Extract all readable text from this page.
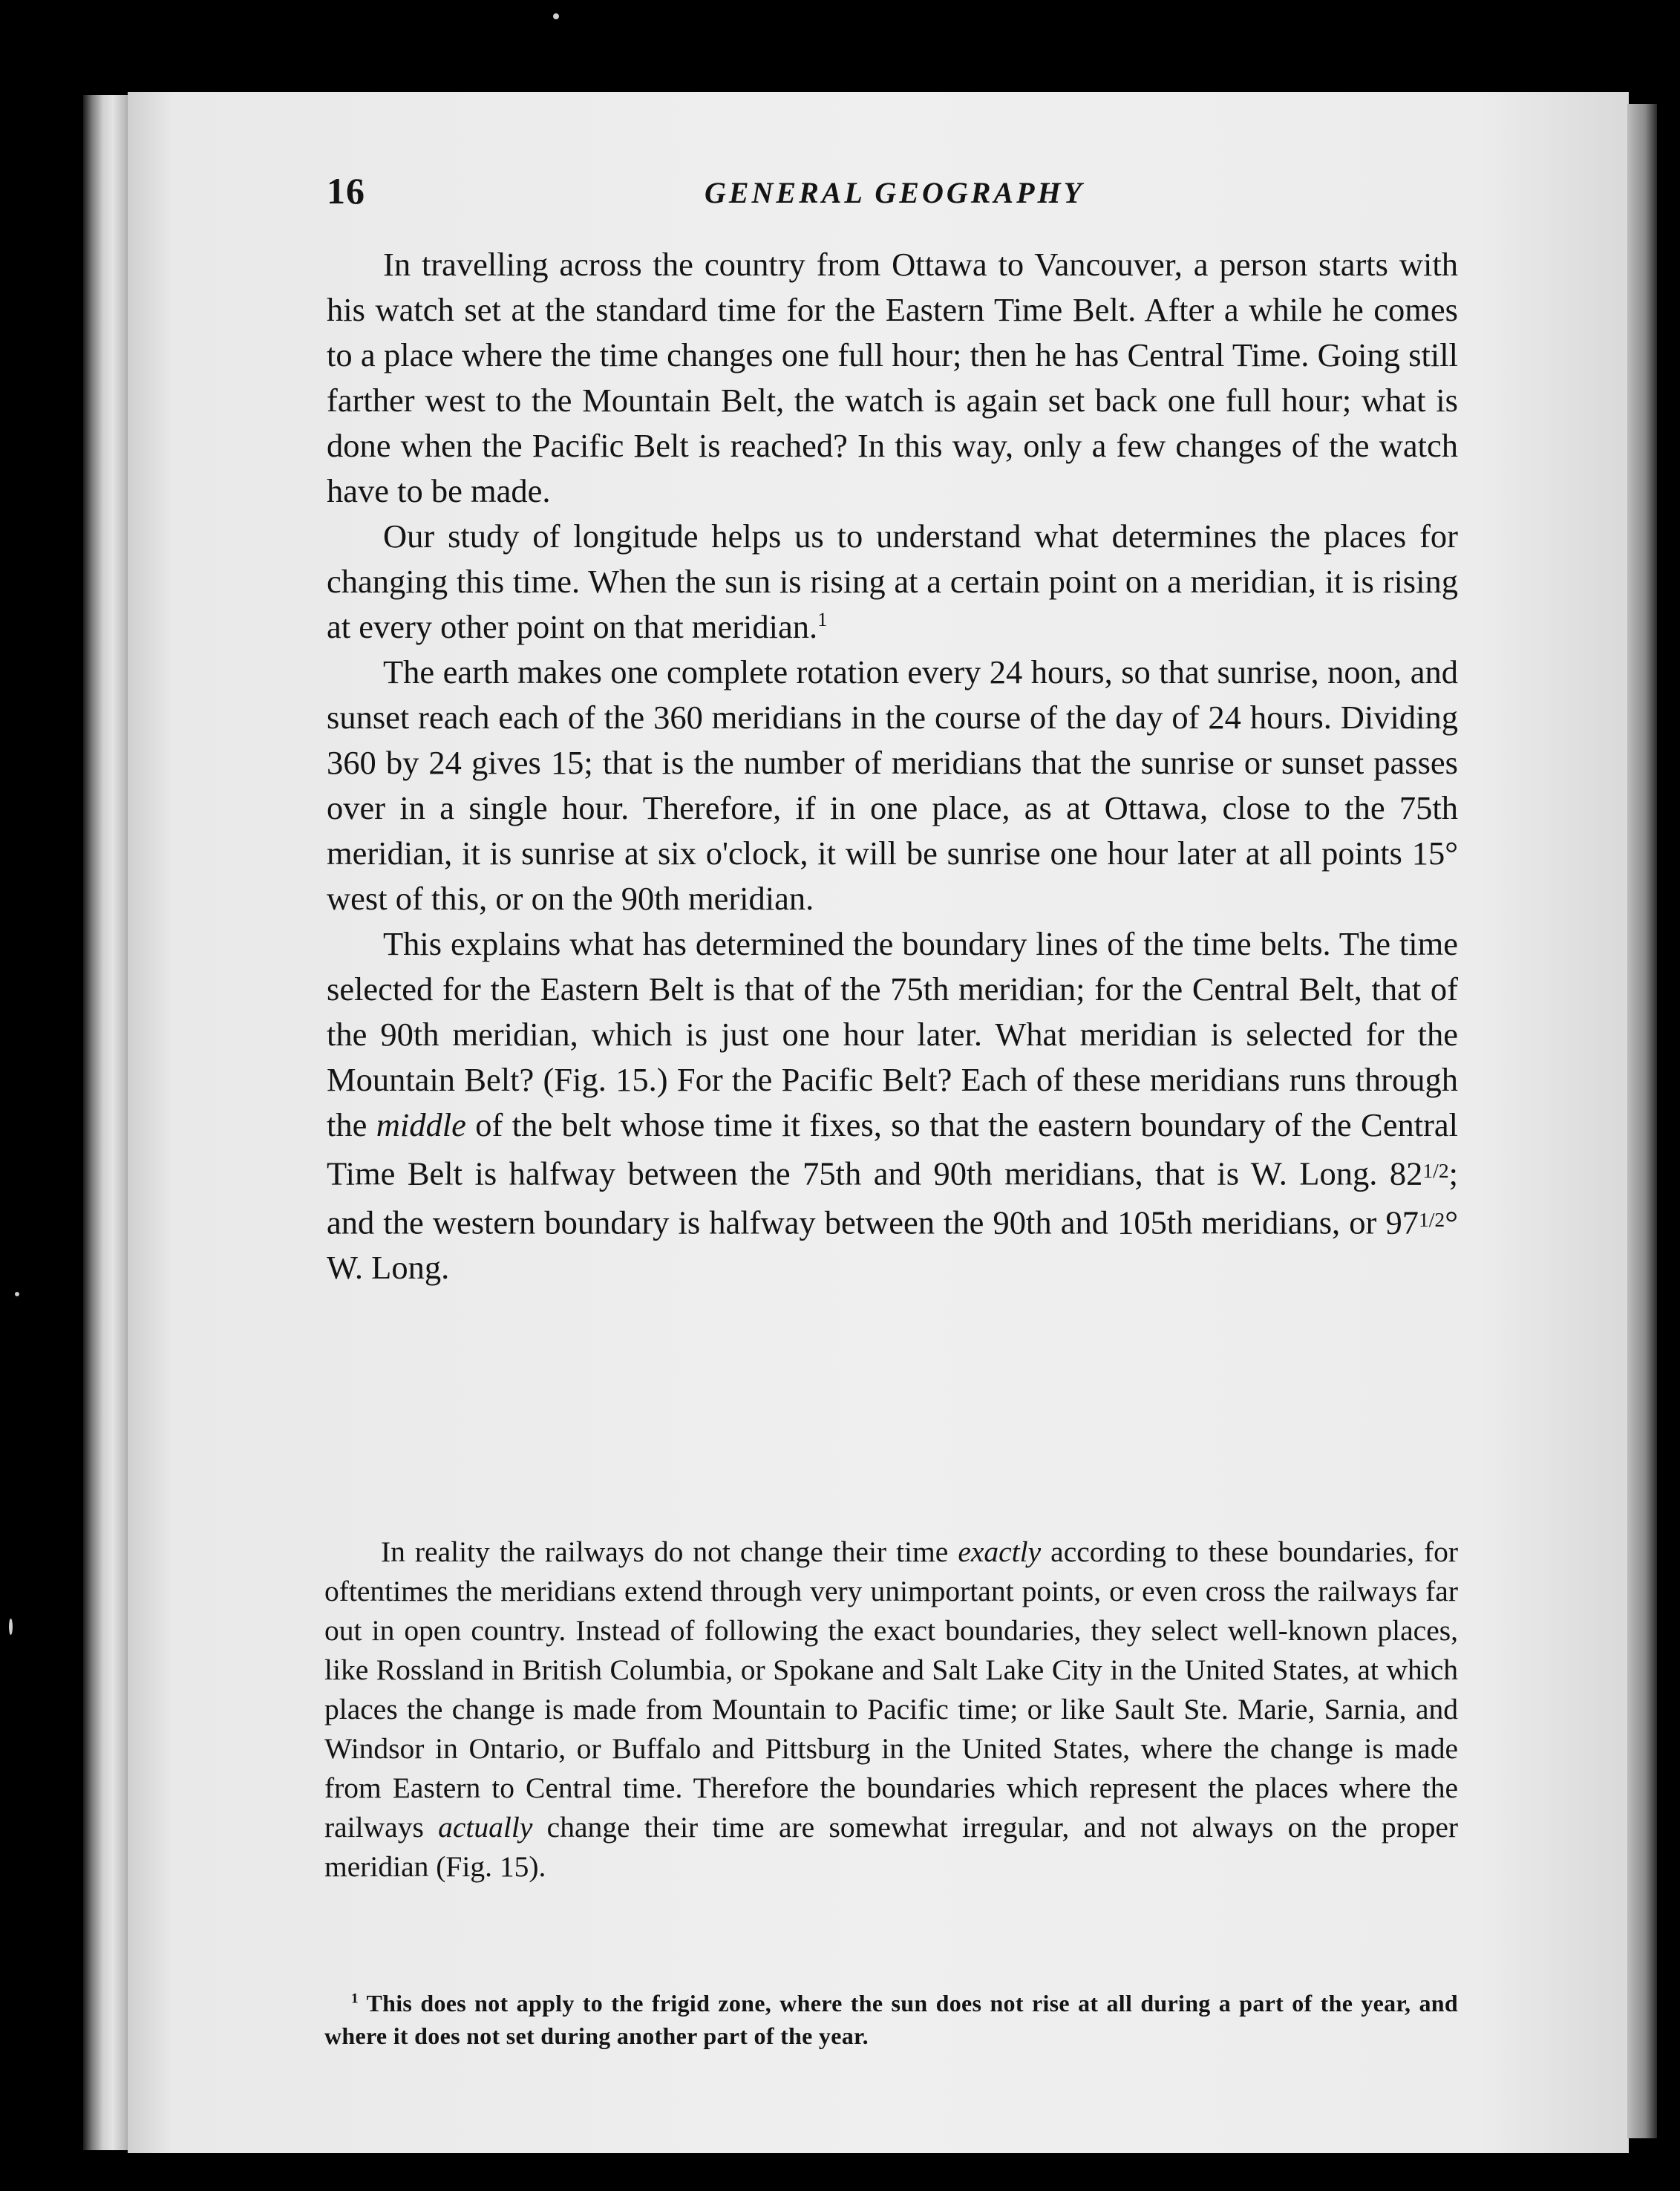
16	GENERAL GEOGRAPHY

In travelling across the country from Ottawa to Vancouver, a person starts with his watch set at the standard time for the Eastern Time Belt. After a while he comes to a place where the time changes one full hour; then he has Central Time. Going still farther west to the Mountain Belt, the watch is again set back one full hour; what is done when the Pacific Belt is reached? In this way, only a few changes of the watch have to be made.

Our study of longitude helps us to understand what determines the places for changing this time. When the sun is rising at a certain point on a meridian, it is rising at every other point on that meridian.$^1$

The earth makes one complete rotation every 24 hours, so that sunrise, noon, and sunset reach each of the 360 meridians in the course of the day of 24 hours. Dividing 360 by 24 gives 15; that is the number of meridians that the sunrise or sunset passes over in a single hour. Therefore, if in one place, as at Ottawa, close to the 75th meridian, it is sunrise at six o'clock, it will be sunrise one hour later at all points 15° west of this, or on the 90th meridian.

This explains what has determined the boundary lines of the time belts. The time selected for the Eastern Belt is that of the 75th meridian; for the Central Belt, that of the 90th meridian, which is just one hour later. What meridian is selected for the Mountain Belt? (Fig. 15.) For the Pacific Belt? Each of these meridians runs through the middle of the belt whose time it fixes, so that the eastern boundary of the Central Time Belt is halfway between the 75th and 90th meridians, that is W. Long. $82^{1/2}$; and the western boundary is halfway between the 90th and 105th meridians, or $97^{1/2}^\circ$ W. Long.

In reality the railways do not change their time exactly according to these boundaries, for oftentimes the meridians extend through very unimportant points, or even cross the railways far out in open country. Instead of following the exact boundaries, they select well-known places, like Rossland in British Columbia, or Spokane and Salt Lake City in the United States, at which places the change is made from Mountain to Pacific time; or like Sault Ste. Marie, Sarnia, and Windsor in Ontario, or Buffalo and Pittsburg in the United States, where the change is made from Eastern to Central time. Therefore the boundaries which represent the places where the railways actually change their time are somewhat irregular, and not always on the proper meridian (Fig. 15).

$^1$ This does not apply to the frigid zone, where the sun does not rise at all during a part of the year, and where it does not set during another part of the year.
